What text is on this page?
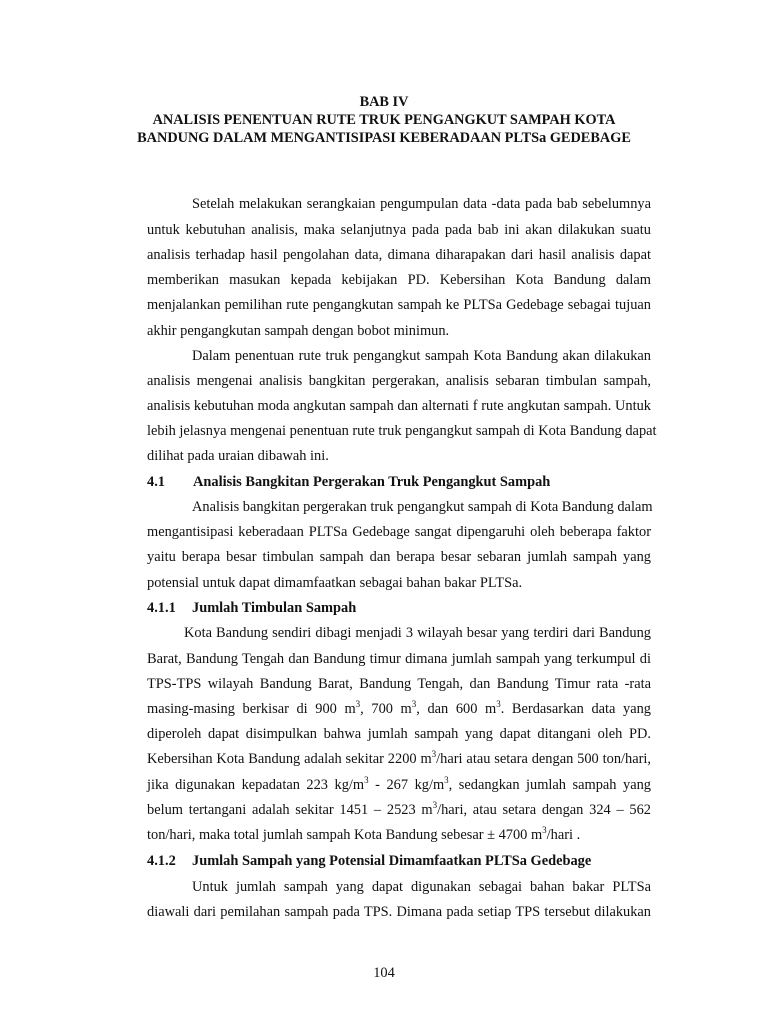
BAB IV
ANALISIS PENENTUAN RUTE TRUK PENGANGKUT SAMPAH KOTA
BANDUNG DALAM MENGANTISIPASI KEBERADAAN PLTSa GEDEBAGE
Setelah melakukan serangkaian pengumpulan data -data pada bab sebelumnya
untuk kebutuhan analisis, maka selanjutnya pada pada bab ini akan dilakukan suatu
analisis terhadap hasil pengolahan data, dimana diharapakan dari hasil analisis dapat
memberikan masukan kepada kebijakan PD. Kebersihan Kota Bandung dalam
menjalankan pemilihan rute pengangkutan sampah ke PLTSa Gedebage sebagai tujuan
akhir pengangkutan sampah dengan bobot minimun.
Dalam penentuan rute truk pengangkut sampah Kota Bandung akan dilakukan
analisis mengenai analisis bangkitan pergerakan, analisis sebaran timbulan sampah,
analisis kebutuhan moda angkutan sampah dan alternati f rute angkutan sampah. Untuk
lebih jelasnya mengenai penentuan rute truk pengangkut sampah di Kota Bandung dapat
dilihat pada uraian dibawah ini.
4.1 Analisis Bangkitan Pergerakan Truk Pengangkut Sampah
Analisis bangkitan pergerakan truk pengangkut sampah di Kota Bandung dalam
mengantisipasi keberadaan PLTSa Gedebage sangat dipengaruhi oleh beberapa faktor
yaitu berapa besar timbulan sampah dan berapa besar sebaran jumlah sampah yang
potensial untuk dapat dimamfaatkan sebagai bahan bakar PLTSa.
4.1.1 Jumlah Timbulan Sampah
Kota Bandung sendiri dibagi menjadi 3 wilayah besar yang terdiri dari Bandung
Barat, Bandung Tengah dan Bandung timur dimana jumlah sampah yang terkumpul di
TPS-TPS wilayah Bandung Barat, Bandung Tengah, dan Bandung Timur rata -rata
masing-masing berkisar di 900 $m^3$, 700 $m^3$, dan 600 $m^3$. Berdasarkan data yang
diperoleh dapat disimpulkan bahwa jumlah sampah yang dapat ditangani oleh PD.
Kebersihan Kota Bandung adalah sekitar 2200 $m^3$/hari atau setara dengan 500 ton/hari,
jika digunakan kepadatan 223 $kg/m^3 - 267$ $kg/m^3$, sedangkan jumlah sampah yang
belum tertangani adalah sekitar 1451 – 2523 $m^3$/hari, atau setara dengan 324 – 562
ton/hari, maka total jumlah sampah Kota Bandung sebesar ± 4700 $m^3$/hari .
4.1.2 Jumlah Sampah yang Potensial Dimamfaatkan PLTSa Gedebage
Untuk jumlah sampah yang dapat digunakan sebagai bahan bakar PLTSa
diawali dari pemilahan sampah pada TPS. Dimana pada setiap TPS tersebut dilakukan
104
